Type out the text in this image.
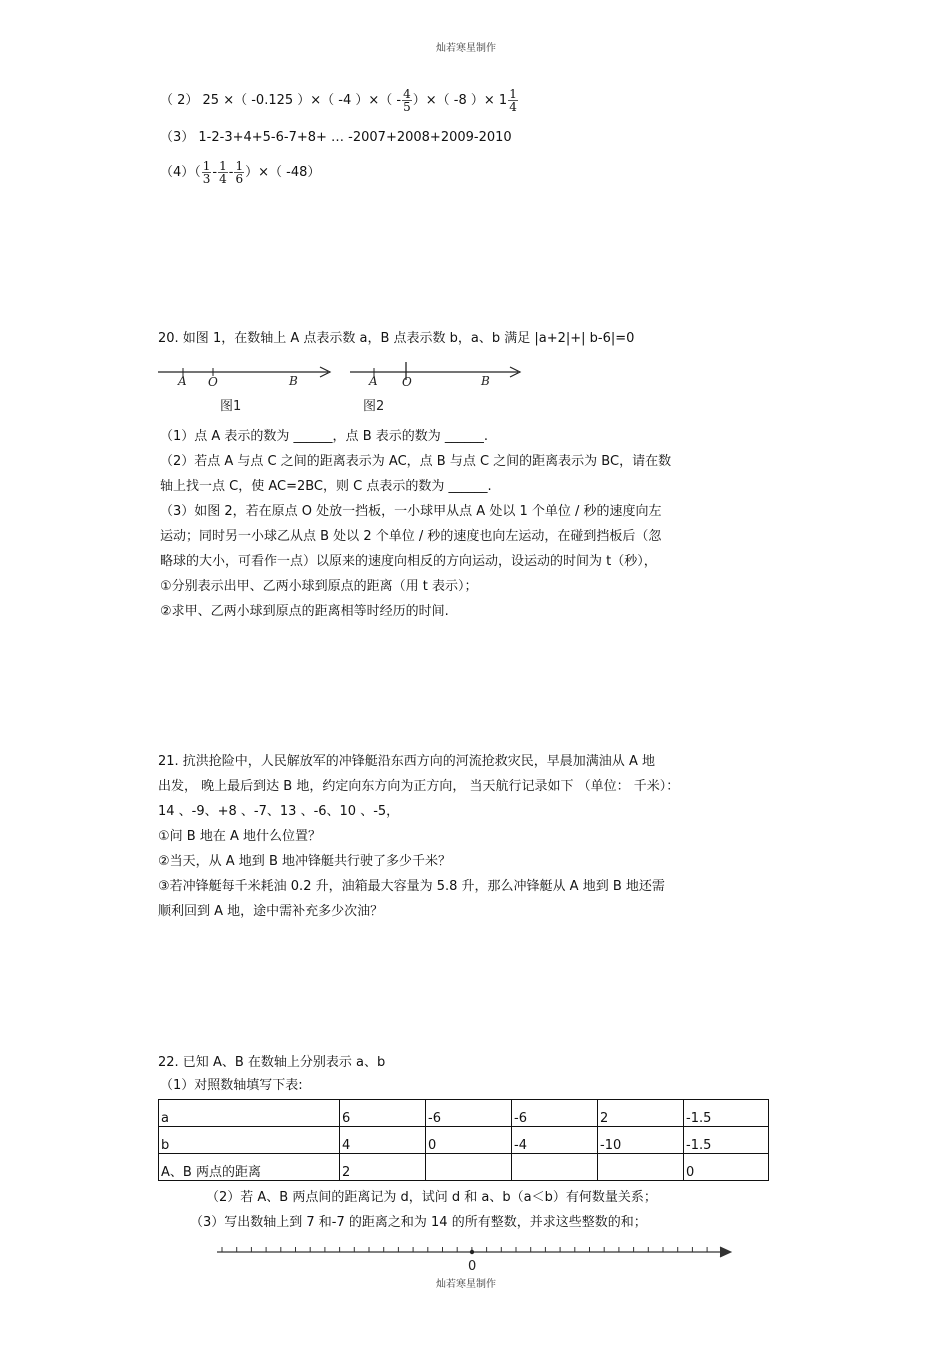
灿若寒星制作
（ 2） 25 ×（ -0.125 ）×（ -4 ）×（ - $\frac{4}{5}$ ）×（ -8 ）× $1 \frac{1}{4}$
（3） 1-2-3+4+5-6-7+8+ … -2007+2008+2009-2010
$(4)( \frac{1}{3} - \frac{1}{4} - \frac{1}{6}$ ）×（ -48）
20. 如图 1，在数轴上 A 点表示数 a，B 点表示数 b，a、b 满足 |a+2|+| b-6|=0
A O	B
图1
A O	B
图2
（1）点 A 表示的数为 ______，点 B 表示的数为 ______.
（2）若点 A 与点 C 之间的距离表示为 AC，点 B 与点 C 之间的距离表示为 BC，请在数
轴上找一点 C，使 AC=2BC，则 C 点表示的数为 ______.
（3）如图 2，若在原点 O 处放一挡板，一小球甲从点 A 处以 1 个单位 / 秒的速度向左
运动；同时另一小球乙从点 B 处以 2 个单位 / 秒的速度也向左运动，在碰到挡板后（忽
略球的大小，可看作一点）以原来的速度向相反的方向运动，设运动的时间为 t（秒），
①分别表示出甲、乙两小球到原点的距离（用 t 表示）；
②求甲、乙两小球到原点的距离相等时经历的时间.
21. 抗洪抢险中，人民解放军的冲锋艇沿东西方向的河流抢救灾民，早晨加满油从 A 地
出发， 晚上最后到达 B 地，约定向东方向为正方向， 当天航行记录如下 （单位： 千米）：
14 、-9、+8 、-7、13 、-6、10 、-5，
①问 B 地在 A 地什么位置？
②当天，从 A 地到 B 地冲锋艇共行驶了多少千米？
③若冲锋艇每千米耗油 0.2 升，油箱最大容量为 5.8 升，那么冲锋艇从 A 地到 B 地还需
顺利回到 A 地，途中需补充多少次油？
22. 已知 A、B 在数轴上分别表示 a、b
（1）对照数轴填写下表:
a	6	-6	-6	2	-1.5
b	4	0	-4	-10	-1.5
A、B 两点的距离	2				0
（2）若 A、B 两点间的距离记为 d，试问 d 和 a、b（a＜b）有何数量关系；
（3）写出数轴上到 7 和-7 的距离之和为 14 的所有整数，并求这些整数的和；
0
灿若寒星制作
